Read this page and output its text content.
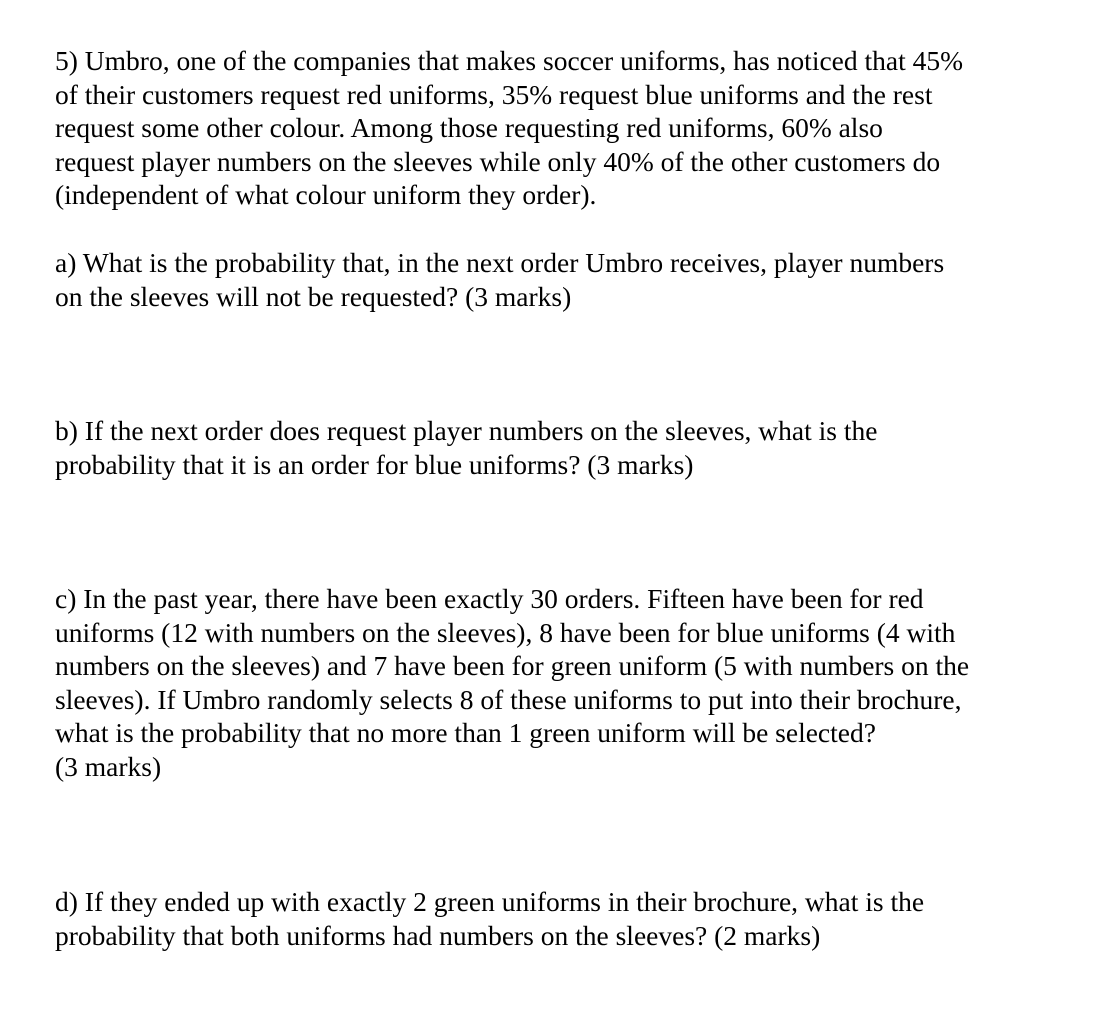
5) Umbro, one of the companies that makes soccer uniforms, has noticed that 45%
of their customers request red uniforms, 35% request blue uniforms and the rest
request some other colour. Among those requesting red uniforms, 60% also
request player numbers on the sleeves while only 40% of the other customers do
(independent of what colour uniform they order).

a) What is the probability that, in the next order Umbro receives, player numbers
on the sleeves will not be requested? (3 marks)

b) If the next order does request player numbers on the sleeves, what is the
probability that it is an order for blue uniforms? (3 marks)

c) In the past year, there have been exactly 30 orders. Fifteen have been for red
uniforms (12 with numbers on the sleeves), 8 have been for blue uniforms (4 with
numbers on the sleeves) and 7 have been for green uniform (5 with numbers on the
sleeves). If Umbro randomly selects 8 of these uniforms to put into their brochure,
what is the probability that no more than 1 green uniform will be selected?
(3 marks)

d) If they ended up with exactly 2 green uniforms in their brochure, what is the
probability that both uniforms had numbers on the sleeves? (2 marks)
